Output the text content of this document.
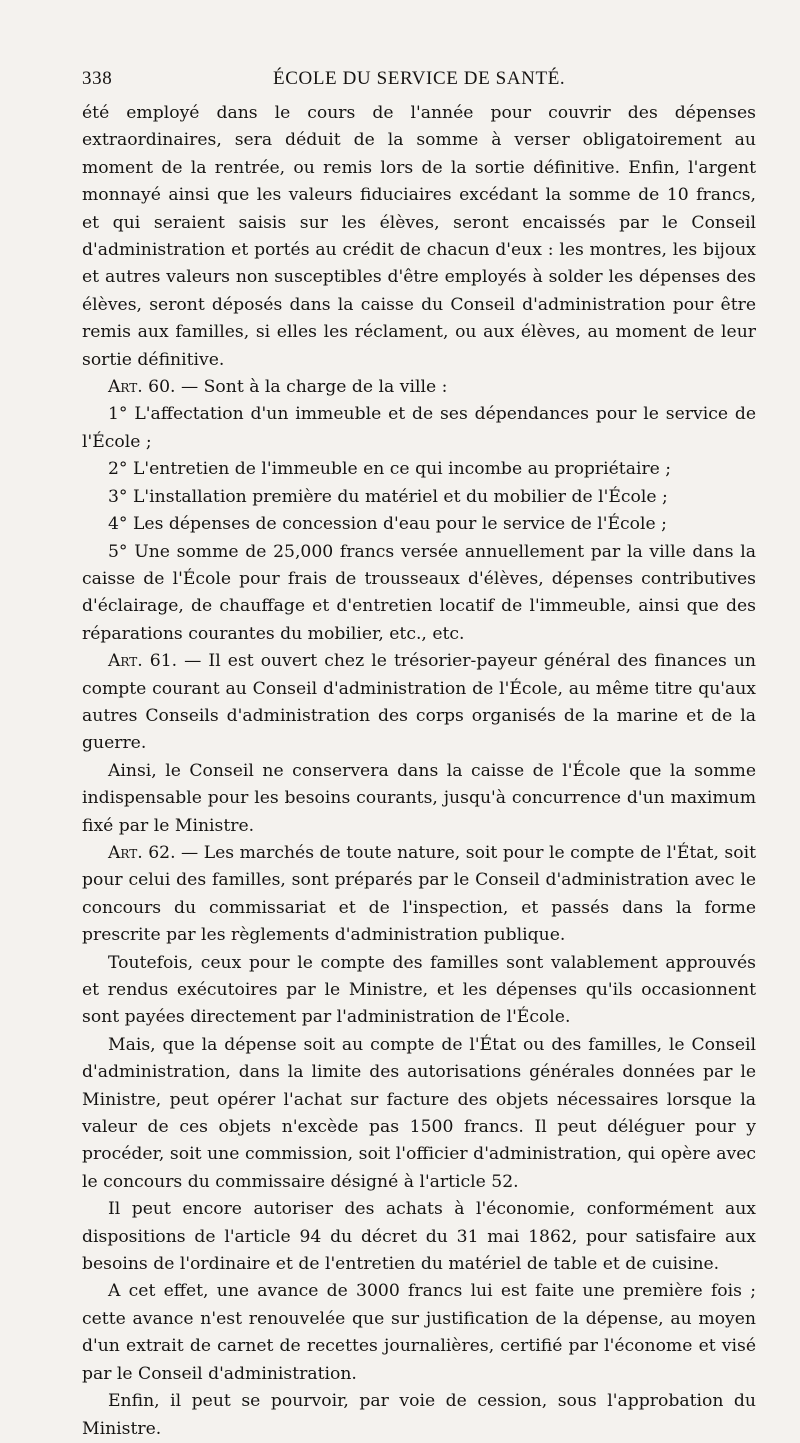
338	ÉCOLE DU SERVICE DE SANTÉ.

été employé dans le cours de l'année pour couvrir des dépenses extraordinaires, sera déduit de la somme à verser obligatoirement au moment de la rentrée, ou remis lors de la sortie définitive. Enfin, l'argent monnayé ainsi que les valeurs fiduciaires excédant la somme de 10 francs, et qui seraient saisis sur les élèves, seront encaissés par le Conseil d'administration et portés au crédit de chacun d'eux : les montres, les bijoux et autres valeurs non susceptibles d'être employés à solder les dépenses des élèves, seront déposés dans la caisse du Conseil d'administration pour être remis aux familles, si elles les réclament, ou aux élèves, au moment de leur sortie définitive.

Art. 60. — Sont à la charge de la ville :

1° L'affectation d'un immeuble et de ses dépendances pour le service de l'École ;

2° L'entretien de l'immeuble en ce qui incombe au propriétaire ;

3° L'installation première du matériel et du mobilier de l'École ;

4° Les dépenses de concession d'eau pour le service de l'École ;

5° Une somme de 25,000 francs versée annuellement par la ville dans la caisse de l'École pour frais de trousseaux d'élèves, dépenses contributives d'éclairage, de chauffage et d'entretien locatif de l'immeuble, ainsi que des réparations courantes du mobilier, etc., etc.

Art. 61. — Il est ouvert chez le trésorier-payeur général des finances un compte courant au Conseil d'administration de l'École, au même titre qu'aux autres Conseils d'administration des corps organisés de la marine et de la guerre.

Ainsi, le Conseil ne conservera dans la caisse de l'École que la somme indispensable pour les besoins courants, jusqu'à concurrence d'un maximum fixé par le Ministre.

Art. 62. — Les marchés de toute nature, soit pour le compte de l'État, soit pour celui des familles, sont préparés par le Conseil d'administration avec le concours du commissariat et de l'inspection, et passés dans la forme prescrite par les règlements d'administration publique.

Toutefois, ceux pour le compte des familles sont valablement approuvés et rendus exécutoires par le Ministre, et les dépenses qu'ils occasionnent sont payées directement par l'administration de l'École.

Mais, que la dépense soit au compte de l'État ou des familles, le Conseil d'administration, dans la limite des autorisations générales données par le Ministre, peut opérer l'achat sur facture des objets nécessaires lorsque la valeur de ces objets n'excède pas 1500 francs. Il peut déléguer pour y procéder, soit une commission, soit l'officier d'administration, qui opère avec le concours du commissaire désigné à l'article 52.

Il peut encore autoriser des achats à l'économie, conformément aux dispositions de l'article 94 du décret du 31 mai 1862, pour satisfaire aux besoins de l'ordinaire et de l'entretien du matériel de table et de cuisine.

A cet effet, une avance de 3000 francs lui est faite une première fois ; cette avance n'est renouvelée que sur justification de la dépense, au moyen d'un extrait de carnet de recettes journalières, certifié par l'économe et visé par le Conseil d'administration.

Enfin, il peut se pourvoir, par voie de cession, sous l'approbation du Ministre.
